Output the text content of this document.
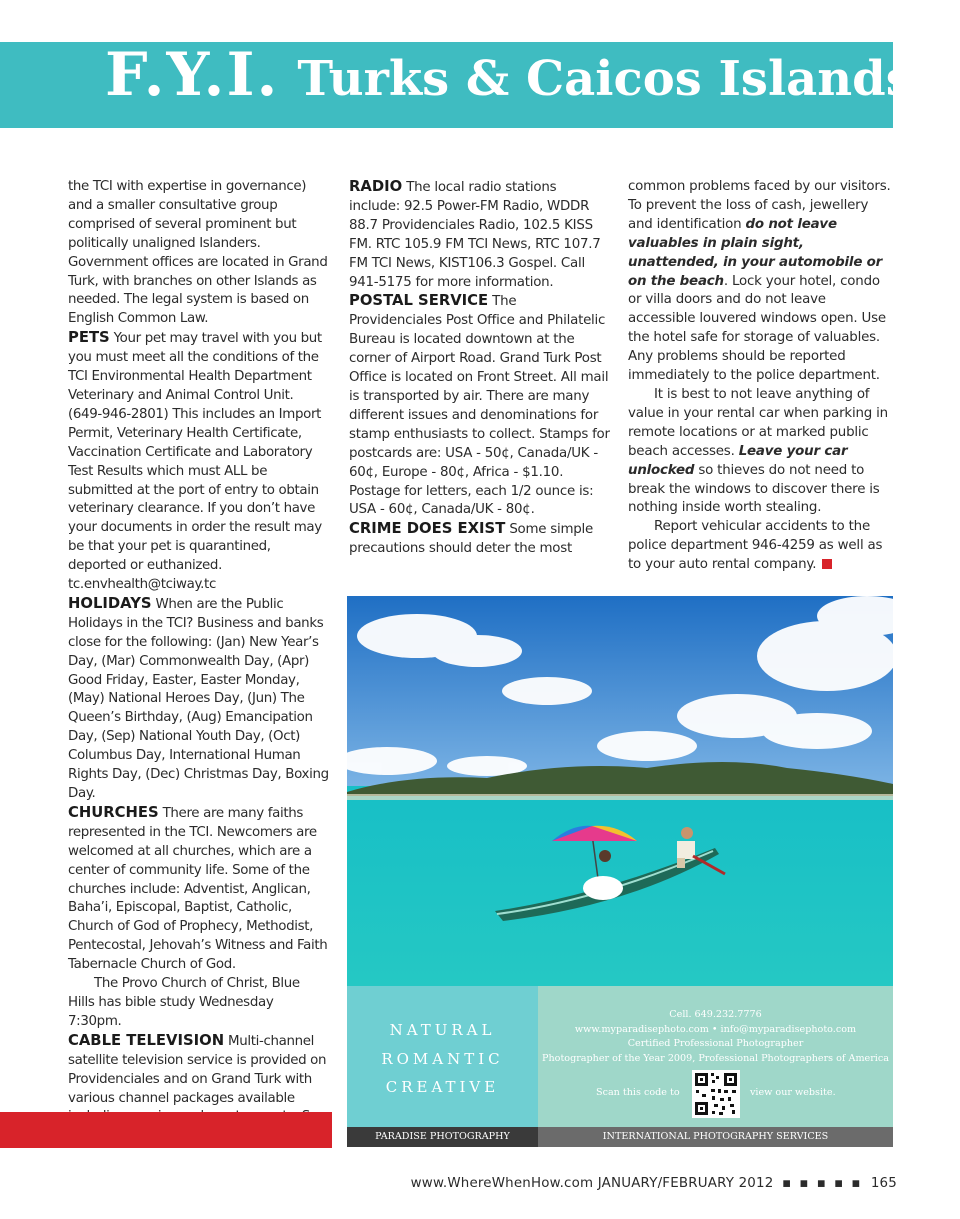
F.Y.I. Turks & Caicos Islands

the TCI with expertise in governance) and a smaller consultative group comprised of several prominent but politically unaligned Islanders. Government offices are located in Grand Turk, with branches on other Islands as needed. The legal system is based on English Common Law.

PETS Your pet may travel with you but you must meet all the conditions of the TCI Environmental Health Department Veterinary and Animal Control Unit. (649-946-2801) This includes an Import Permit, Veterinary Health Certificate, Vaccination Certificate and Laboratory Test Results which must ALL be submitted at the port of entry to obtain veterinary clearance. If you don’t have your documents in order the result may be that your pet is quarantined, deported or euthanized. tc.envhealth@tciway.tc

HOLIDAYS When are the Public Holidays in the TCI? Business and banks close for the following: (Jan) New Year’s Day, (Mar) Commonwealth Day, (Apr) Good Friday, Easter, Easter Monday, (May) National Heroes Day, (Jun) The Queen’s Birthday, (Aug) Emancipation Day, (Sep) National Youth Day, (Oct) Columbus Day, International Human Rights Day, (Dec) Christmas Day, Boxing Day.

CHURCHES There are many faiths represented in the TCI. Newcomers are welcomed at all churches, which are a center of community life. Some of the churches include: Adventist, Anglican, Baha’i, Episcopal, Baptist, Catholic, Church of God of Prophecy, Methodist, Pentecostal, Jehovah’s Witness and Faith Tabernacle Church of God.

The Provo Church of Christ, Blue Hills has bible study Wednesday 7:30pm.

CABLE TELEVISION Multi-channel satellite television service is provided on Providenciales and on Grand Turk with various channel packages available

RADIO The local radio stations include: 92.5 Power-FM Radio, WDDR 88.7 Providenciales Radio, 102.5 KISS FM. RTC 105.9 FM TCI News, RTC 107.7 FM TCI News, KIST106.3 Gospel. Call 941-5175 for more information.

POSTAL SERVICE The Providenciales Post Office and Philatelic Bureau is located downtown at the corner of Airport Road. Grand Turk Post Office is located on Front Street. All mail is transported by air. There are many different issues and denominations for stamp enthusiasts to collect. Stamps for postcards are: USA - 50¢, Canada/UK - 60¢, Europe - 80¢, Africa - $1.10. Postage for letters, each 1/2 ounce is: USA - 60¢, Canada/UK - 80¢.

CRIME DOES EXIST Some simple precautions should deter the most

common problems faced by our visitors. To prevent the loss of cash, jewellery and identification do not leave valuables in plain sight, unattended, in your automobile or on the beach. Lock your hotel, condo or villa doors and do not leave accessible louvered windows open. Use the hotel safe for storage of valuables. Any problems should be reported immediately to the police department.

It is best to not leave anything of value in your rental car when parking in remote locations or at marked public beach accesses. Leave your car unlocked so thieves do not need to break the windows to discover there is nothing inside worth stealing.

Report vehicular accidents to the police department 946-4259 as well as to your auto rental company.

NATURAL
ROMANTIC
CREATIVE
Cell. 649.232.7776
www.myparadisephoto.com • info@myparadisephoto.com
Certified Professional Photographer
Photographer of the Year 2009, Professional Photographers of America
Scan this code to	view our website.
PARADISE PHOTOGRAPHY	INTERNATIONAL PHOTOGRAPHY SERVICES
www.WhereWhenHow.com JANUARY/FEBRUARY 2012 ▪ ▪ ▪ ▪ ▪ 165
